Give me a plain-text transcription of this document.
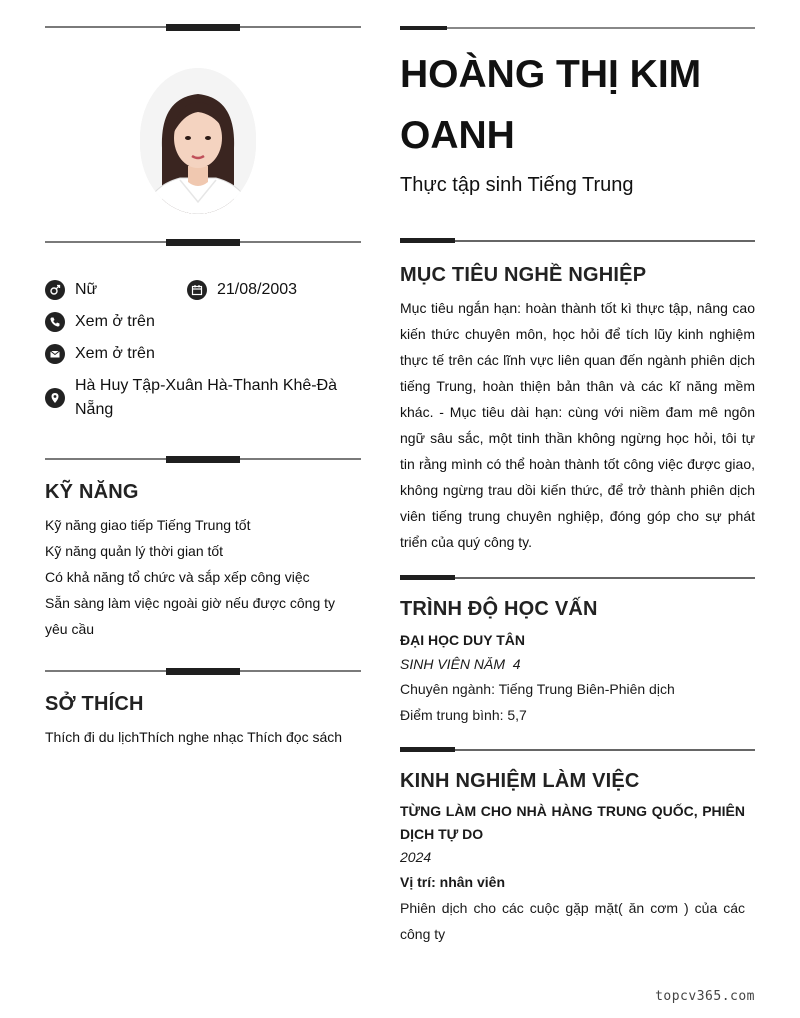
Nữ	21/08/2003
Xem ở trên
Xem ở trên
Hà Huy Tập-Xuân Hà-Thanh Khê-Đà Nẵng
KỸ NĂNG
Kỹ năng giao tiếp Tiếng Trung tốt
Kỹ năng quản lý thời gian tốt
Có khả năng tổ chức và sắp xếp công việc
Sẵn sàng làm việc ngoài giờ nếu được công ty yêu cầu
SỞ THÍCH
Thích đi du lịchThích nghe nhạc Thích đọc sách
HOÀNG THỊ KIM OANH
Thực tập sinh Tiếng Trung
MỤC TIÊU NGHỀ NGHIỆP
Mục tiêu ngắn hạn: hoàn thành tốt kì thực tập, nâng cao kiến thức chuyên môn, học hỏi để tích lũy kinh nghiệm thực tế trên các lĩnh vực liên quan đến ngành phiên dịch tiếng Trung, hoàn thiện bản thân và các kĩ năng mềm khác. - Mục tiêu dài hạn: cùng với niềm đam mê ngôn ngữ sâu sắc, một tinh thần không ngừng học hỏi, tôi tự tin rằng mình có thể hoàn thành tốt công việc được giao, không ngừng trau dồi kiến thức, để trở thành phiên dịch viên tiếng trung chuyên nghiệp, đóng góp cho sự phát triển của quý công ty.
TRÌNH ĐỘ HỌC VẤN
ĐẠI HỌC DUY TÂN
SINH VIÊN NĂM  4
Chuyên ngành: Tiếng Trung Biên-Phiên dịch
Điểm trung bình: 5,7
KINH NGHIỆM LÀM VIỆC
TỪNG LÀM CHO NHÀ HÀNG TRUNG QUỐC, PHIÊN DỊCH TỰ DO
2024
Vị trí: nhân viên
Phiên dịch cho các cuộc gặp mặt( ăn cơm ) của các công ty
topcv365.com
